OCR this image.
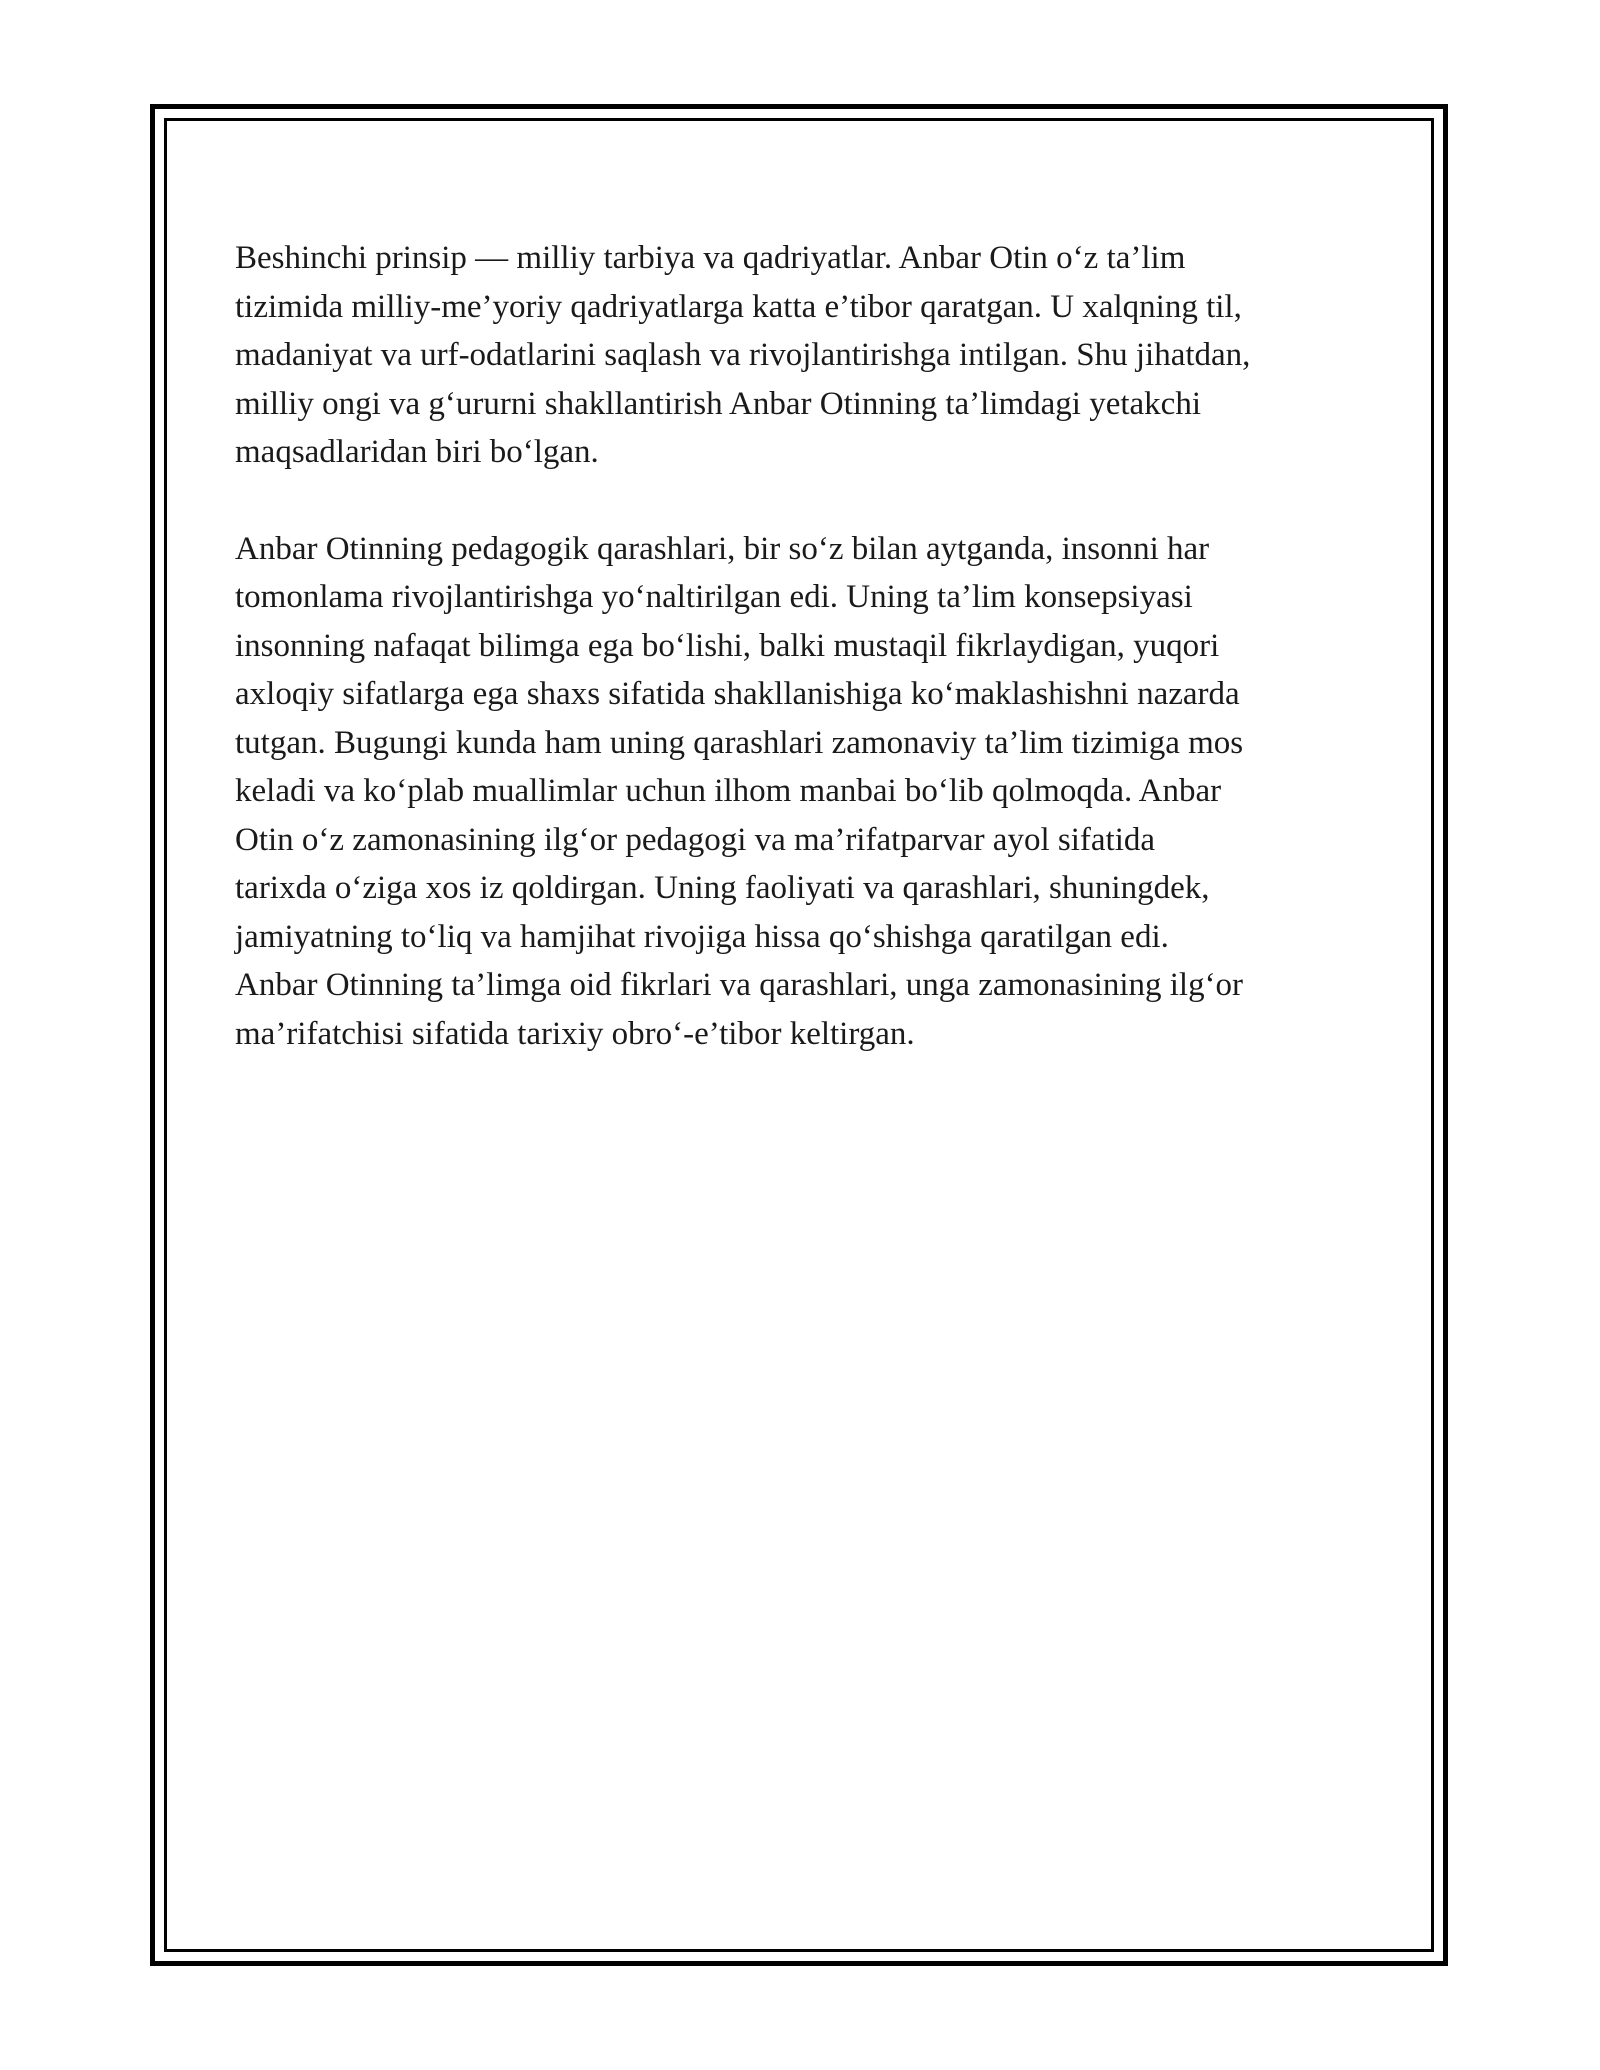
Beshinchi prinsip — milliy tarbiya va qadriyatlar. Anbar Otin o‘z ta’lim
tizimida milliy-me’yoriy qadriyatlarga katta e’tibor qaratgan. U xalqning til,
madaniyat va urf-odatlarini saqlash va rivojlantirishga intilgan. Shu jihatdan,
milliy ongi va g‘ururni shakllantirish Anbar Otinning ta’limdagi yetakchi
maqsadlaridan biri bo‘lgan.

Anbar Otinning pedagogik qarashlari, bir so‘z bilan aytganda, insonni har
tomonlama rivojlantirishga yo‘naltirilgan edi. Uning ta’lim konsepsiyasi
insonning nafaqat bilimga ega bo‘lishi, balki mustaqil fikrlaydigan, yuqori
axloqiy sifatlarga ega shaxs sifatida shakllanishiga ko‘maklashishni nazarda
tutgan. Bugungi kunda ham uning qarashlari zamonaviy ta’lim tizimiga mos
keladi va ko‘plab muallimlar uchun ilhom manbai bo‘lib qolmoqda. Anbar
Otin o‘z zamonasining ilg‘or pedagogi va ma’rifatparvar ayol sifatida
tarixda o‘ziga xos iz qoldirgan. Uning faoliyati va qarashlari, shuningdek,
jamiyatning to‘liq va hamjihat rivojiga hissa qo‘shishga qaratilgan edi.
Anbar Otinning ta’limga oid fikrlari va qarashlari, unga zamonasining ilg‘or
ma’rifatchisi sifatida tarixiy obro‘-e’tibor keltirgan.
